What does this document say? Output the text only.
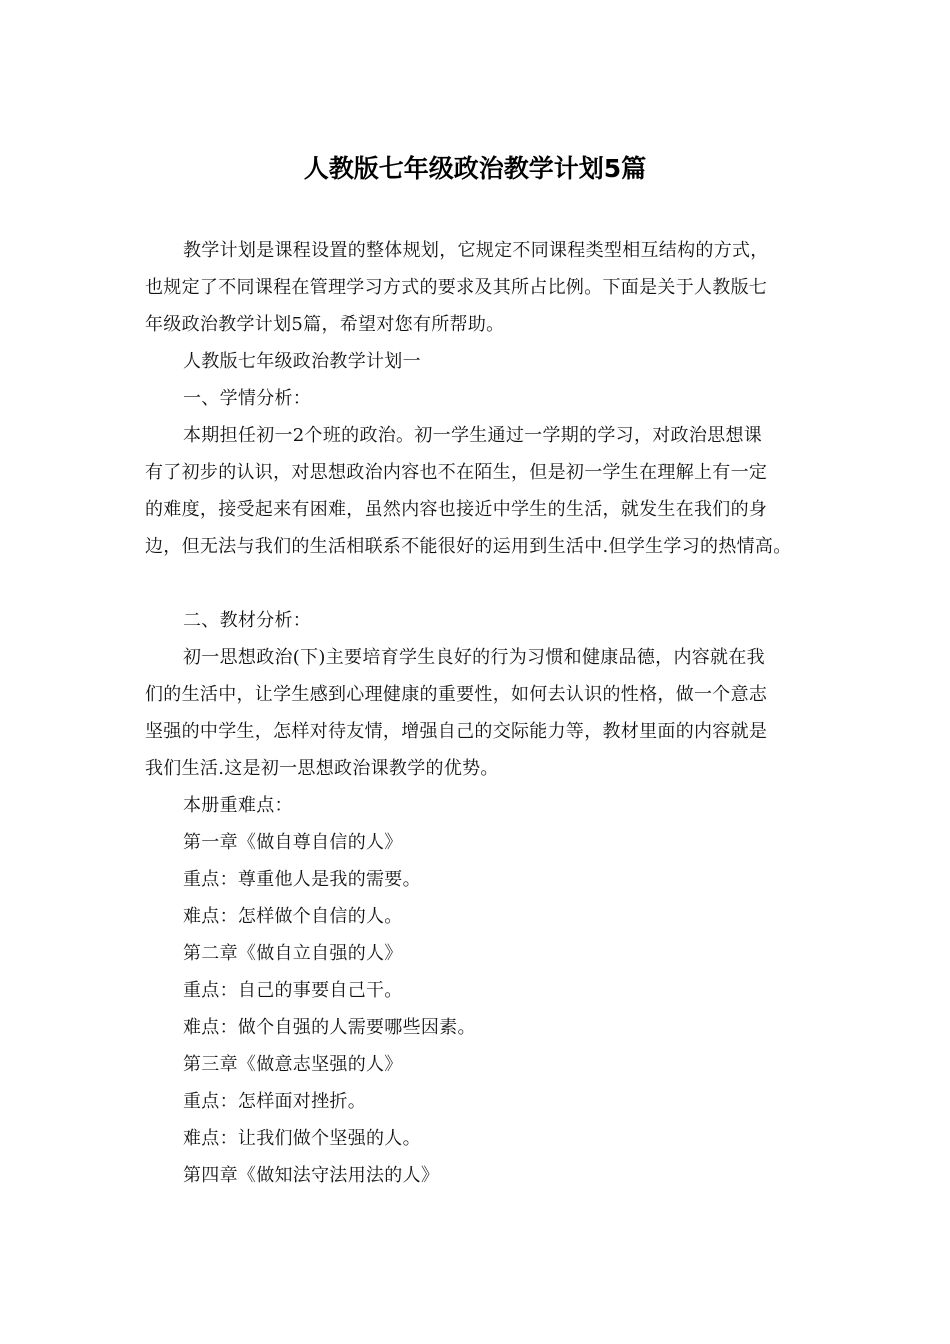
人教版七年级政治教学计划5篇
教学计划是课程设置的整体规划，它规定不同课程类型相互结构的方式，
也规定了不同课程在管理学习方式的要求及其所占比例。下面是关于人教版七
年级政治教学计划5篇，希望对您有所帮助。
人教版七年级政治教学计划一
一、学情分析：
本期担任初一2个班的政治。初一学生通过一学期的学习，对政治思想课
有了初步的认识，对思想政治内容也不在陌生，但是初一学生在理解上有一定
的难度，接受起来有困难，虽然内容也接近中学生的生活，就发生在我们的身
边，但无法与我们的生活相联系不能很好的运用到生活中.但学生学习的热情高。
二、教材分析：
初一思想政治(下)主要培育学生良好的行为习惯和健康品德，内容就在我
们的生活中，让学生感到心理健康的重要性，如何去认识的性格，做一个意志
坚强的中学生，怎样对待友情，增强自己的交际能力等，教材里面的内容就是
我们生活.这是初一思想政治课教学的优势。
本册重难点：
第一章《做自尊自信的人》
重点：尊重他人是我的需要。
难点：怎样做个自信的人。
第二章《做自立自强的人》
重点：自己的事要自己干。
难点：做个自强的人需要哪些因素。
第三章《做意志坚强的人》
重点：怎样面对挫折。
难点：让我们做个坚强的人。
第四章《做知法守法用法的人》
